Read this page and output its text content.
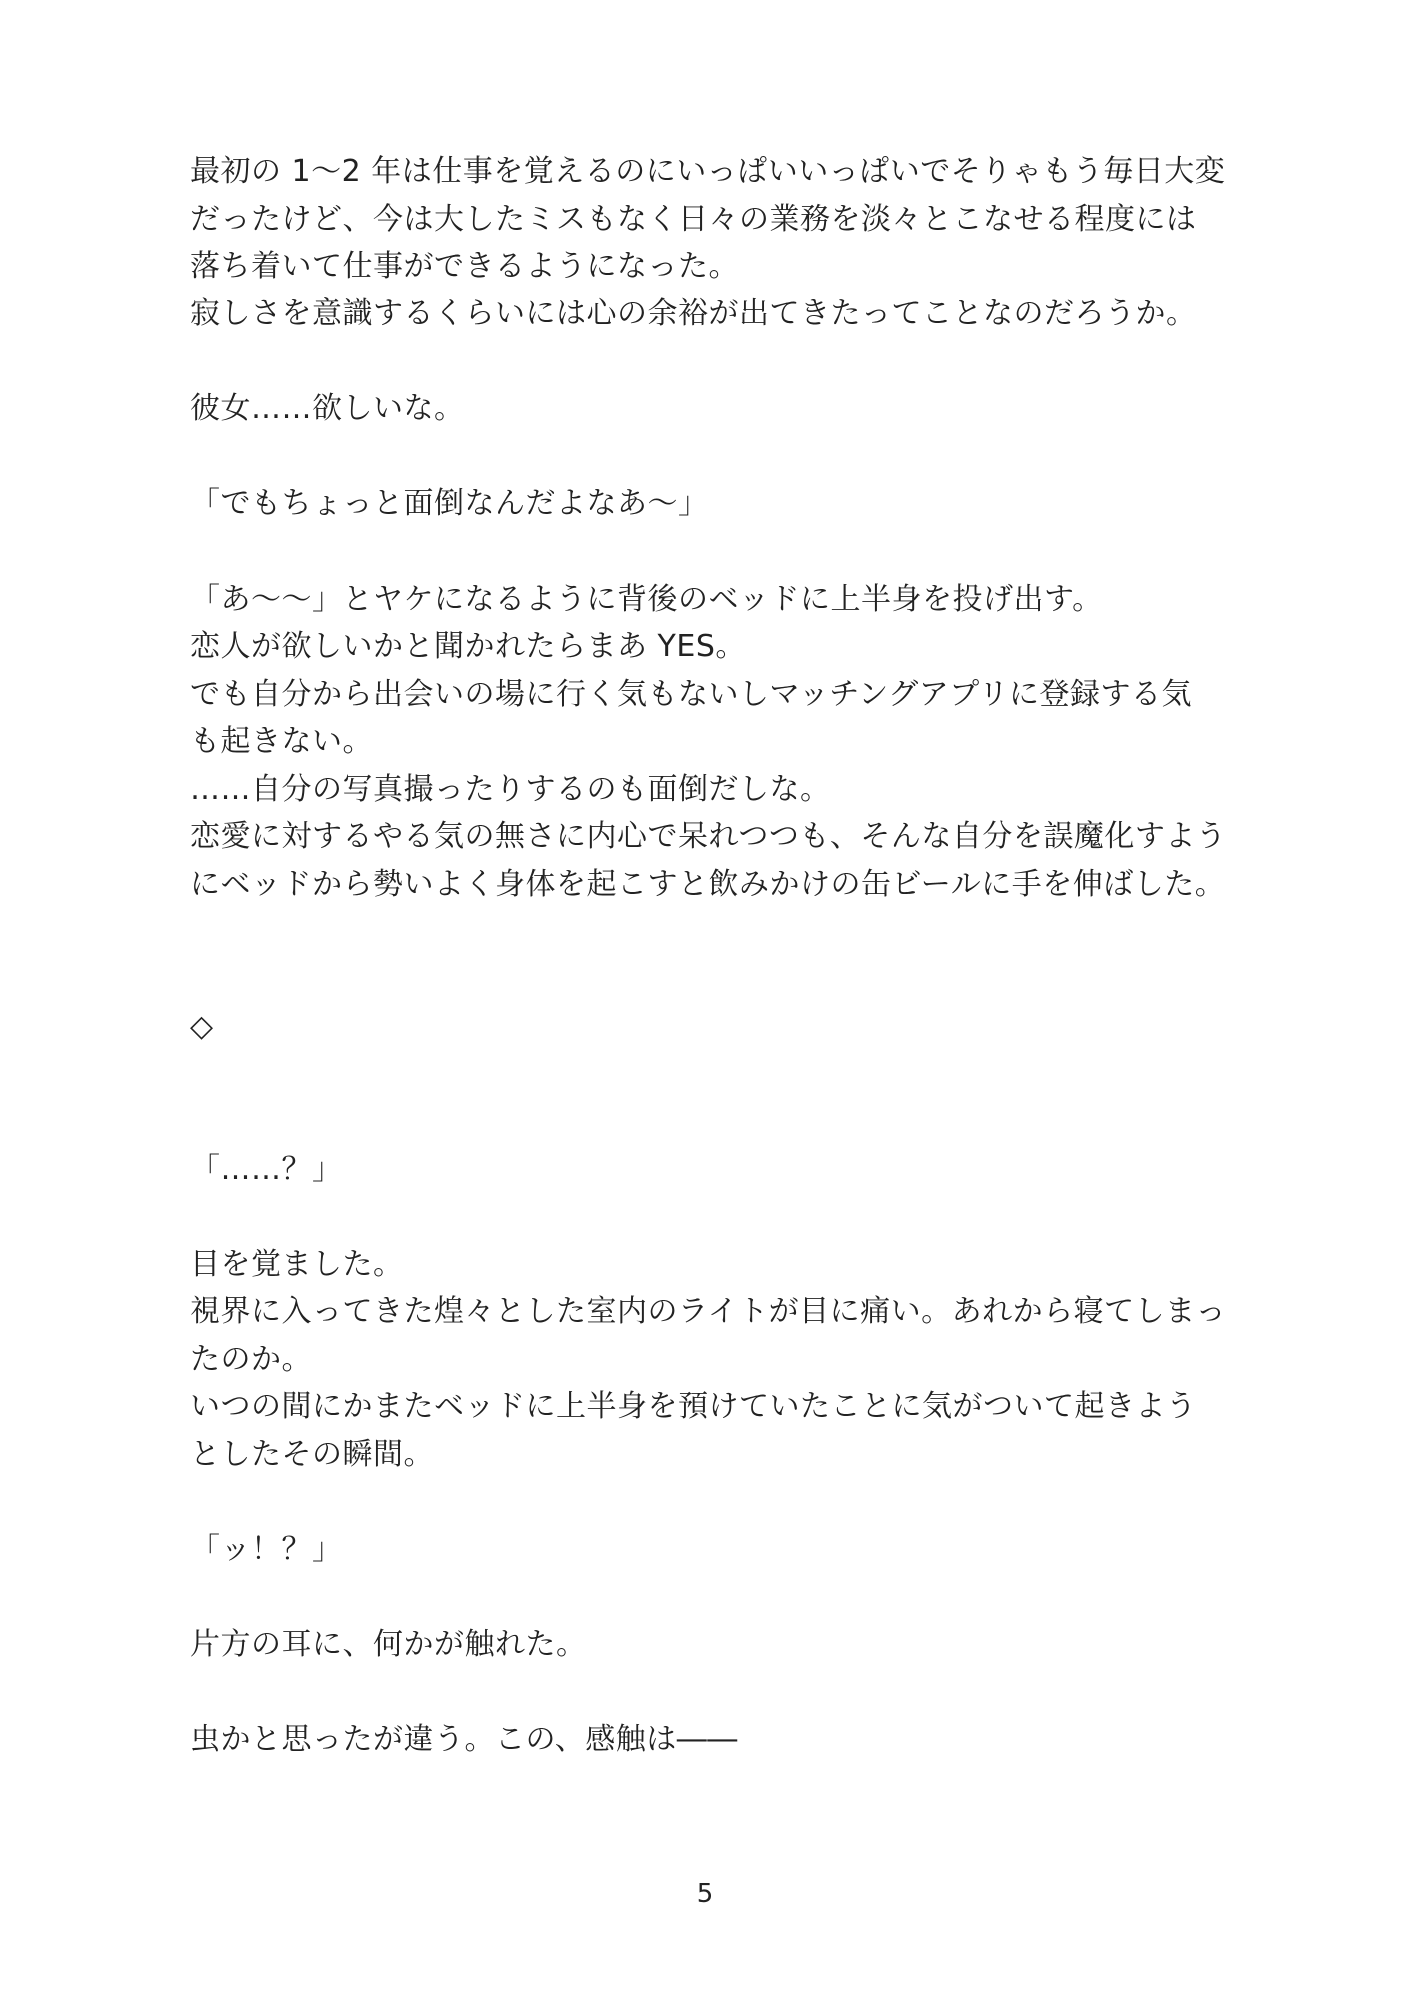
最初の 1〜2 年は仕事を覚えるのにいっぱいいっぱいでそりゃもう毎日大変
だったけど、今は大したミスもなく日々の業務を淡々とこなせる程度には
落ち着いて仕事ができるようになった。
寂しさを意識するくらいには心の余裕が出てきたってことなのだろうか。
彼女……欲しいな。
「でもちょっと面倒なんだよなあ〜」
「あ〜〜」とヤケになるように背後のベッドに上半身を投げ出す。
恋人が欲しいかと聞かれたらまあ YES。
でも自分から出会いの場に行く気もないしマッチングアプリに登録する気
も起きない。
……自分の写真撮ったりするのも面倒だしな。
恋愛に対するやる気の無さに内心で呆れつつも、そんな自分を誤魔化すよう
にベッドから勢いよく身体を起こすと飲みかけの缶ビールに手を伸ばした。
◇
「……？」
目を覚ました。
視界に入ってきた煌々とした室内のライトが目に痛い。あれから寝てしまっ
たのか。
いつの間にかまたベッドに上半身を預けていたことに気がついて起きよう
としたその瞬間。
「ッ！？」
片方の耳に、何かが触れた。
虫かと思ったが違う。この、感触は――
5
